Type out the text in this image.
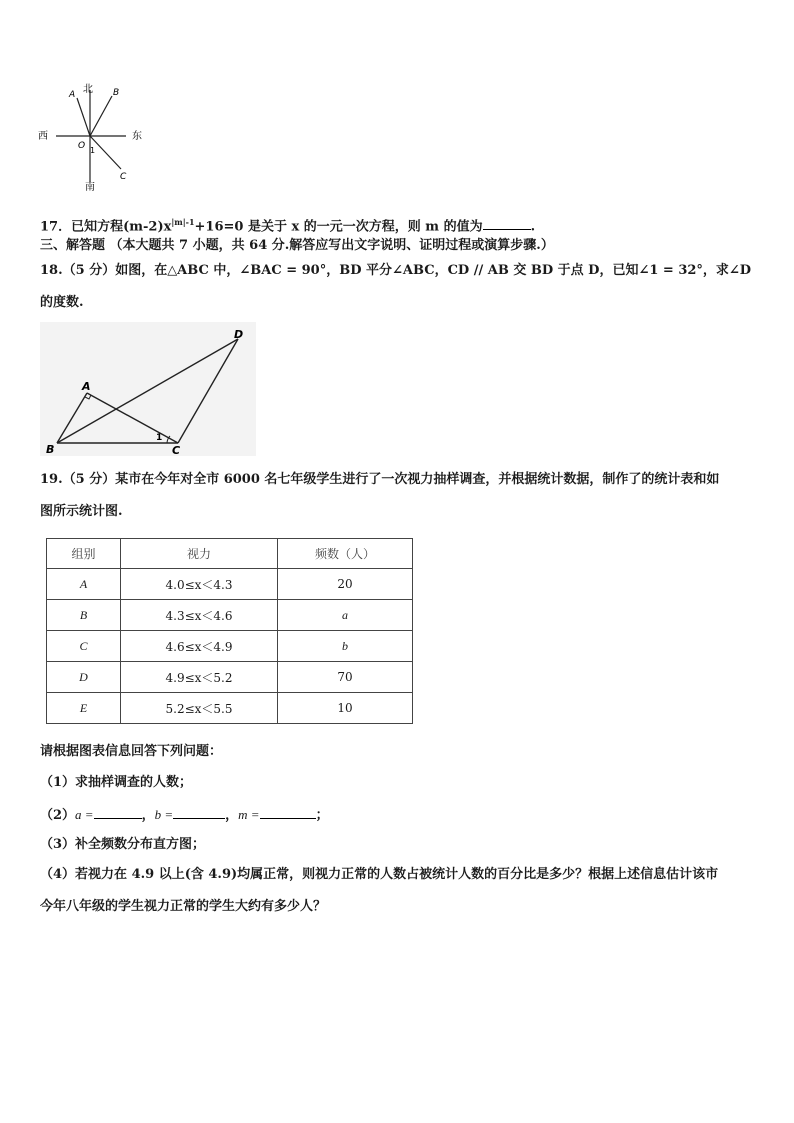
北
南
东
西
A	B
C
O 1
17．已知方程$(m-2)x^{|m|-1}+16=0$ 是关于 x 的一元一次方程，则 m 的值为	.
三、解答题 （本大题共 7 小题，共 64 分.解答应写出文字说明、证明过程或演算步骤.）
18.（5 分）如图，在△ABC 中，∠BAC = 90°，BD 平分∠ABC，CD // AB 交 BD 于点 D，已知∠1 = 32°，求∠D
的度数.
A
B	C
D
1
19.（5 分）某市在今年对全市 6000 名七年级学生进行了一次视力抽样调查，并根据统计数据，制作了的统计表和如
图所示统计图.
组别	视力	频数（人）
A	4.0≤x＜4.3	20
B	4.3≤x＜4.6	a
C	4.6≤x＜4.9	b
D	4.9≤x＜5.2	70
E	5.2≤x＜5.5	10
请根据图表信息回答下列问题：
（1）求抽样调查的人数；
（2）a =	，b =	，m =	；
（3）补全频数分布直方图；
（4）若视力在 4.9 以上(含 4.9)均属正常，则视力正常的人数占被统计人数的百分比是多少？根据上述信息估计该市
今年八年级的学生视力正常的学生大约有多少人？
